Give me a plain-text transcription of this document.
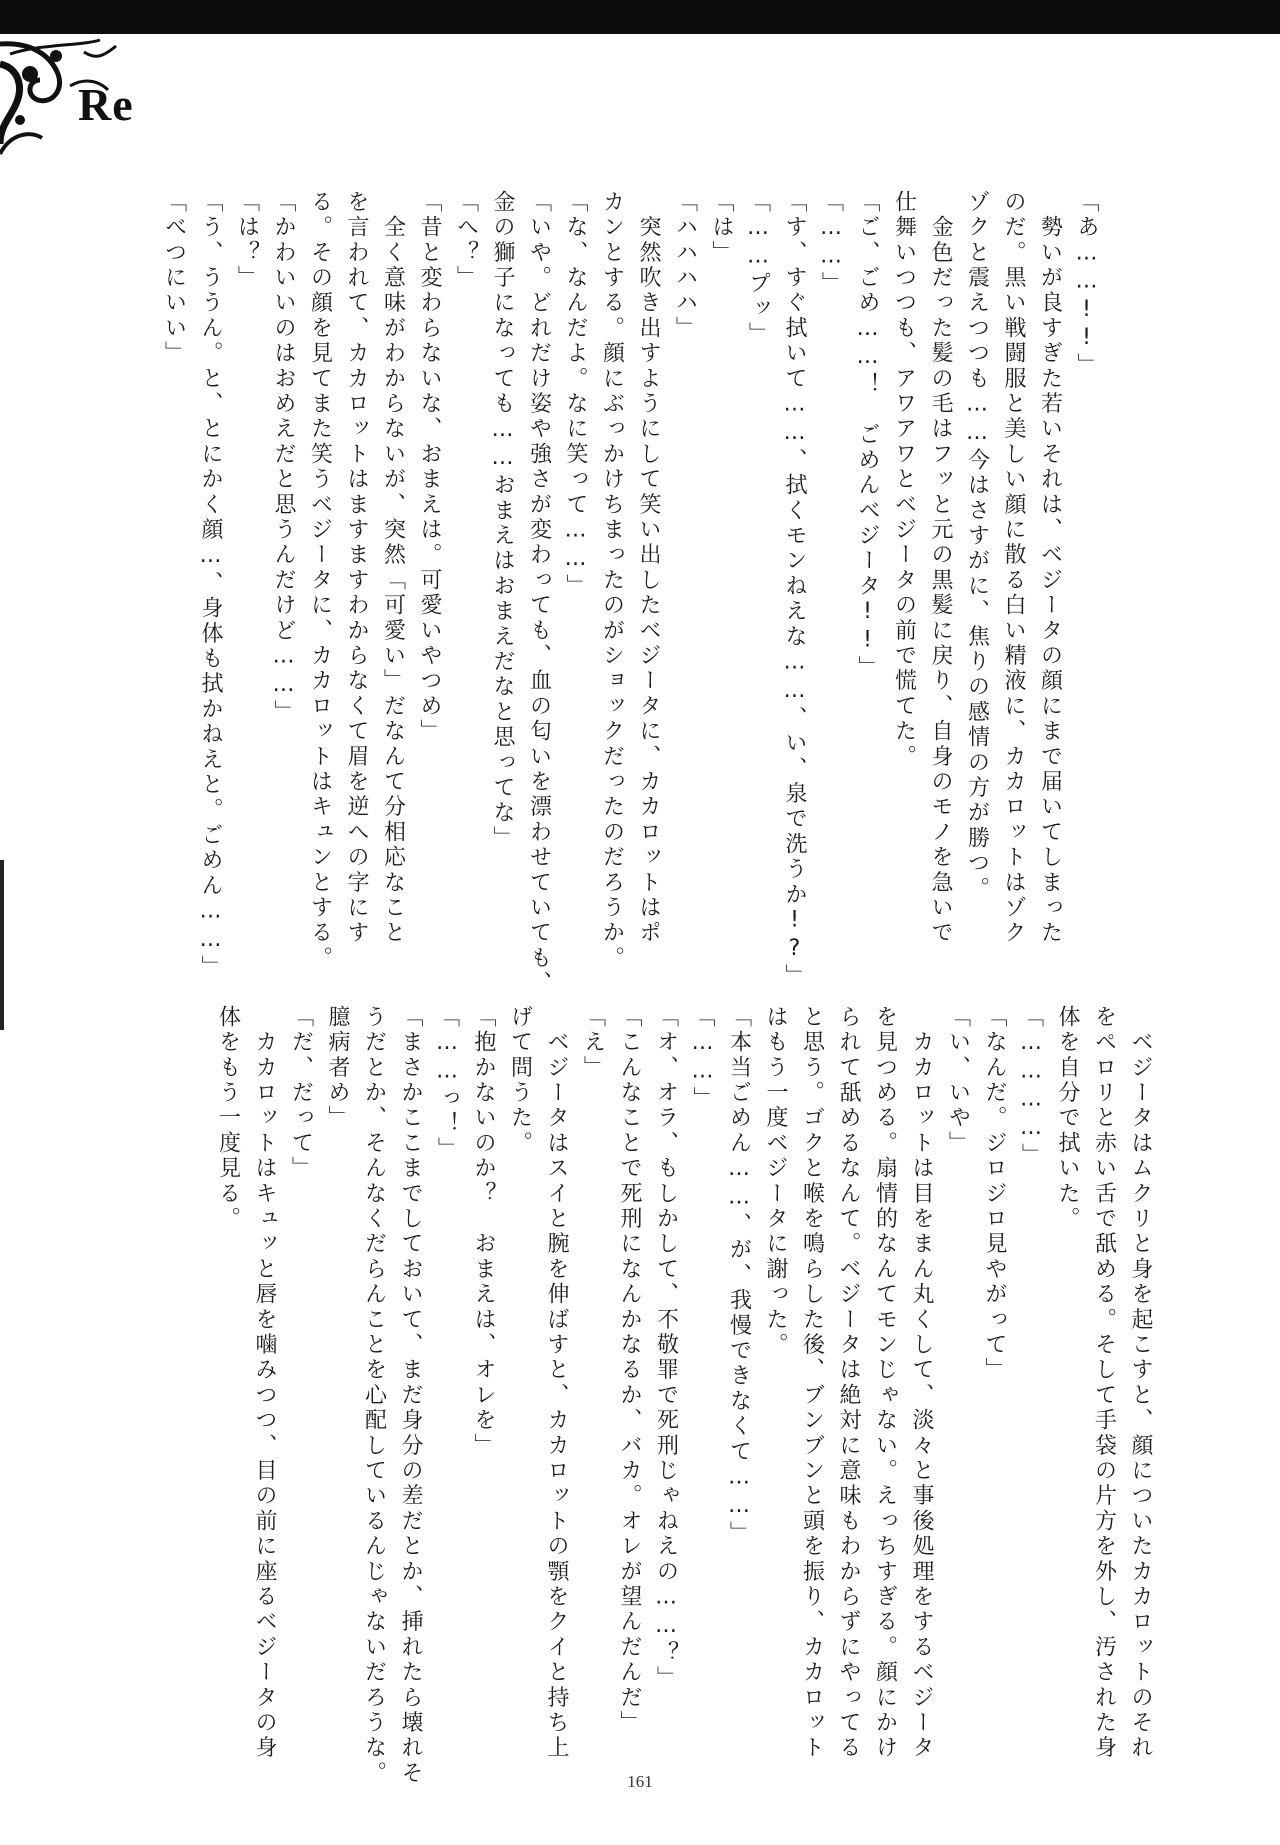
Re
「あ……!!」
　勢いが良すぎた若いそれは、ベジータの顔にまで届いてしまった
のだ。黒い戦闘服と美しい顔に散る白い精液に、カカロットはゾク
ゾクと震えつつも……今はさすがに、焦りの感情の方が勝つ。
　金色だった髪の毛はフッと元の黒髪に戻り、自身のモノを急いで
仕舞いつつも、アワアワとベジータの前で慌てた。
「ご、ごめ……！　ごめんベジータ!!」
「……」
「す、すぐ拭いて……、拭くモンねえな……、い、泉で洗うか!?」
「……プッ」
「は」
「ハハハハ」
　突然吹き出すようにして笑い出したベジータに、カカロットはポ
カンとする。顔にぶっかけちまったのがショックだったのだろうか。
「な、なんだよ。なに笑って……」
「いや。どれだけ姿や強さが変わっても、血の匂いを漂わせていても、
金の獅子になっても……おまえはおまえだなと思ってな」
「へ？」
「昔と変わらないな、おまえは。可愛いやつめ」
　全く意味がわからないが、突然「可愛い」だなんて分相応なこと
を言われて、カカロットはますますわからなくて眉を逆への字にす
る。その顔を見てまた笑うベジータに、カカロットはキュンとする。
「かわいいのはおめえだと思うんだけど……」
「は？」
「う、ううん。と、とにかく顔…、身体も拭かねえと。ごめん……」
「べつにいい」
　ベジータはムクリと身を起こすと、顔についたカカロットのそれ
をペロリと赤い舌で舐める。そして手袋の片方を外し、汚された身
体を自分で拭いた。
「…………」
「なんだ。ジロジロ見やがって」
「い、いや」
　カカロットは目をまん丸くして、淡々と事後処理をするベジータ
を見つめる。扇情的なんてモンじゃない。えっちすぎる。顔にかけ
られて舐めるなんて。ベジータは絶対に意味もわからずにやってる
と思う。ゴクと喉を鳴らした後、ブンブンと頭を振り、カカロット
はもう一度ベジータに謝った。
「本当ごめん……、が、我慢できなくて……」
「……」
「オ、オラ、もしかして、不敬罪で死刑じゃねえの……？」
「こんなことで死刑になんかなるか、バカ。オレが望んだんだ」
「え」
　ベジータはスイと腕を伸ばすと、カカロットの顎をクイと持ち上
げて問うた。
「抱かないのか？　おまえは、オレを」
「……っ！」
「まさかここまでしておいて、まだ身分の差だとか、挿れたら壊れそ
うだとか、そんなくだらんことを心配しているんじゃないだろうな。
臆病者め」
「だ、だって」
　カカロットはキュッと唇を噛みつつ、目の前に座るベジータの身
体をもう一度見る。
161
